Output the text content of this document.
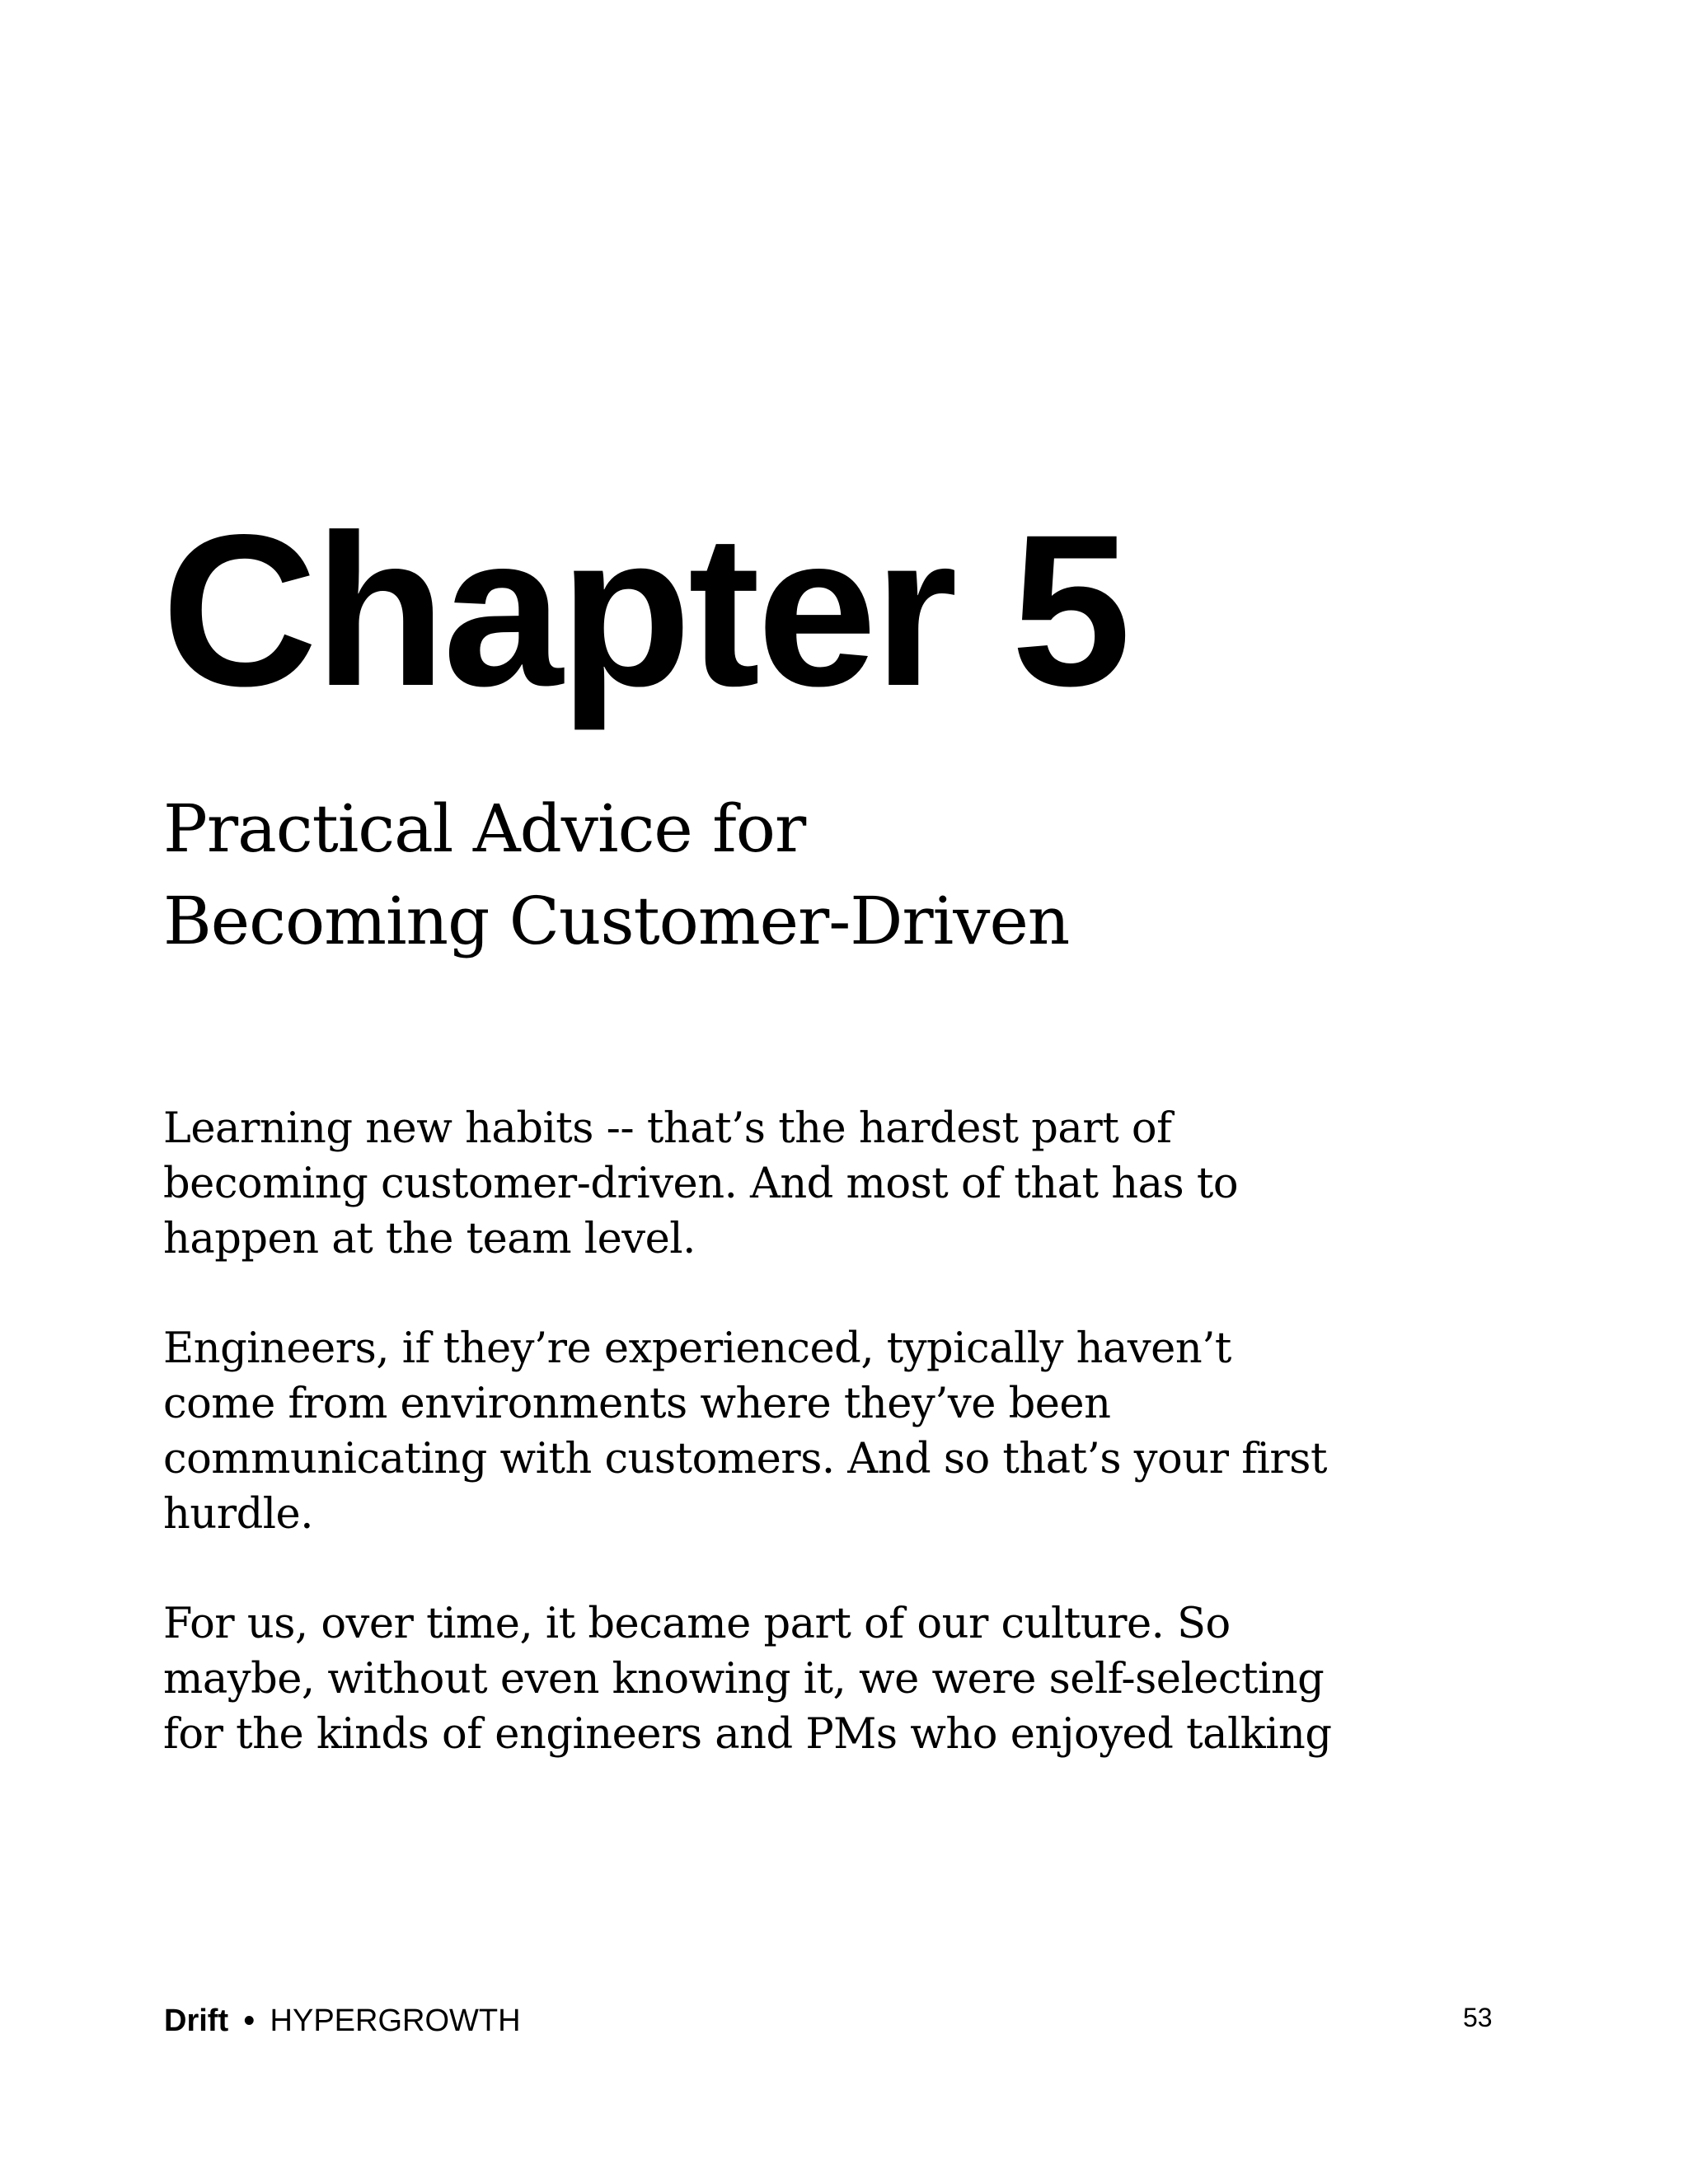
Chapter 5
Practical Advice for
Becoming Customer-Driven

Learning new habits -- that’s the hardest part of
becoming customer-driven. And most of that has to
happen at the team level.

Engineers, if they’re experienced, typically haven’t
come from environments where they’ve been
communicating with customers. And so that’s your first
hurdle.

For us, over time, it became part of our culture. So
maybe, without even knowing it, we were self-selecting
for the kinds of engineers and PMs who enjoyed talking

Drift • HYPERGROWTH	53
